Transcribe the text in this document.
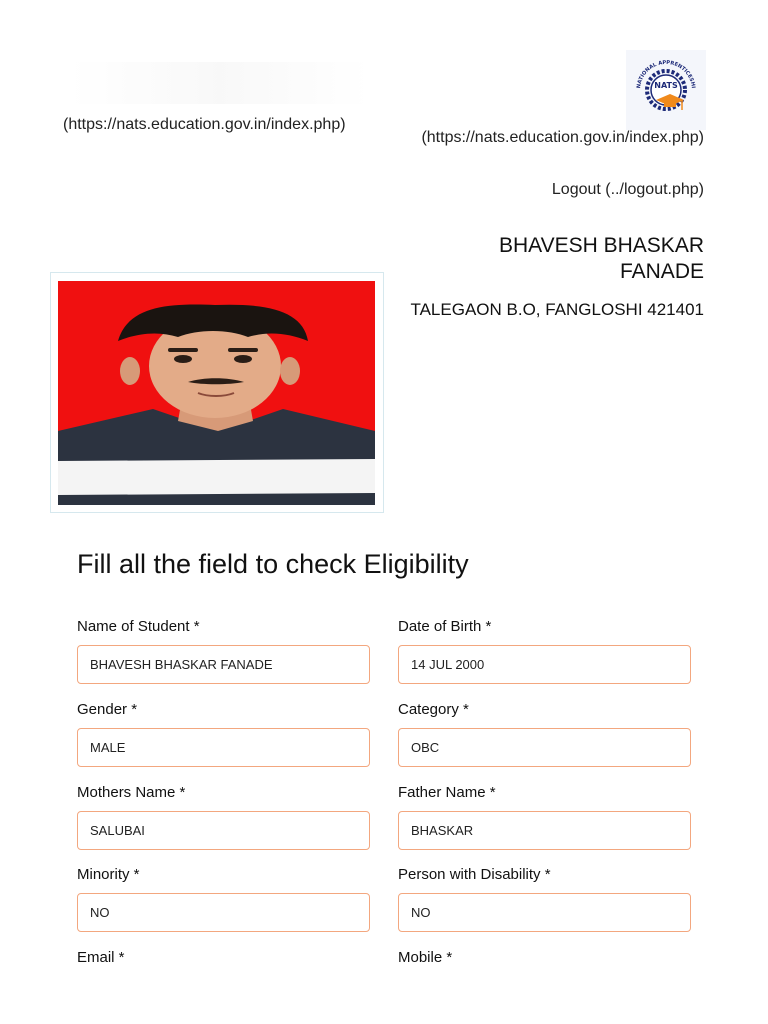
(https://nats.education.gov.in/index.php)
NATIONAL APPRENTICESHI
NATS
(https://nats.education.gov.in/index.php)
Logout (../logout.php)
BHAVESH BHASKAR FANADE
TALEGAON B.O, FANGLOSHI 421401
Fill all the field to check Eligibility
Name of Student *
BHAVESH BHASKAR FANADE
Date of Birth *
14 JUL 2000
Gender *
MALE
Category *
OBC
Mothers Name *
SALUBAI
Father Name *
BHASKAR
Minority *
NO
Person with Disability *
NO
Email *	Mobile *
